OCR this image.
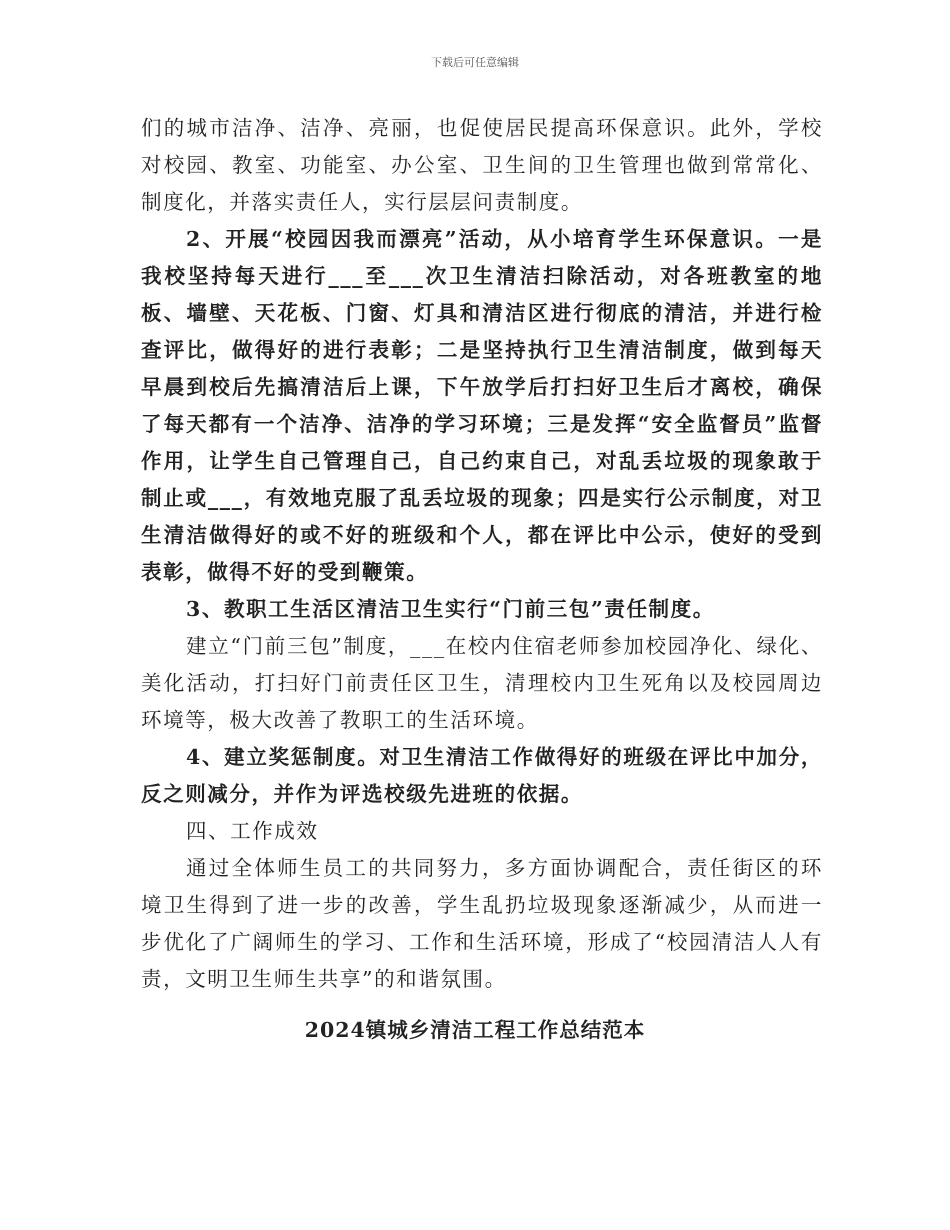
下载后可任意编辑

们的城市洁净、洁净、亮丽，也促使居民提高环保意识。此外，学校对校园、教室、功能室、办公室、卫生间的卫生管理也做到常常化、制度化，并落实责任人，实行层层问责制度。

2、开展“校园因我而漂亮”活动，从小培育学生环保意识。一是我校坚持每天进行___至___次卫生清洁扫除活动，对各班教室的地板、墙壁、天花板、门窗、灯具和清洁区进行彻底的清洁，并进行检查评比，做得好的进行表彰；二是坚持执行卫生清洁制度，做到每天早晨到校后先搞清洁后上课，下午放学后打扫好卫生后才离校，确保了每天都有一个洁净、洁净的学习环境；三是发挥“安全监督员”监督作用，让学生自己管理自己，自己约束自己，对乱丢垃圾的现象敢于制止或___，有效地克服了乱丢垃圾的现象；四是实行公示制度，对卫生清洁做得好的或不好的班级和个人，都在评比中公示，使好的受到表彰，做得不好的受到鞭策。

3、教职工生活区清洁卫生实行“门前三包”责任制度。

建立“门前三包”制度，___在校内住宿老师参加校园净化、绿化、美化活动，打扫好门前责任区卫生，清理校内卫生死角以及校园周边环境等，极大改善了教职工的生活环境。

4、建立奖惩制度。对卫生清洁工作做得好的班级在评比中加分，反之则减分，并作为评选校级先进班的依据。

四、工作成效

通过全体师生员工的共同努力，多方面协调配合，责任街区的环境卫生得到了进一步的改善，学生乱扔垃圾现象逐渐减少，从而进一步优化了广阔师生的学习、工作和生活环境，形成了“校园清洁人人有责，文明卫生师生共享”的和谐氛围。

2024镇城乡清洁工程工作总结范本
